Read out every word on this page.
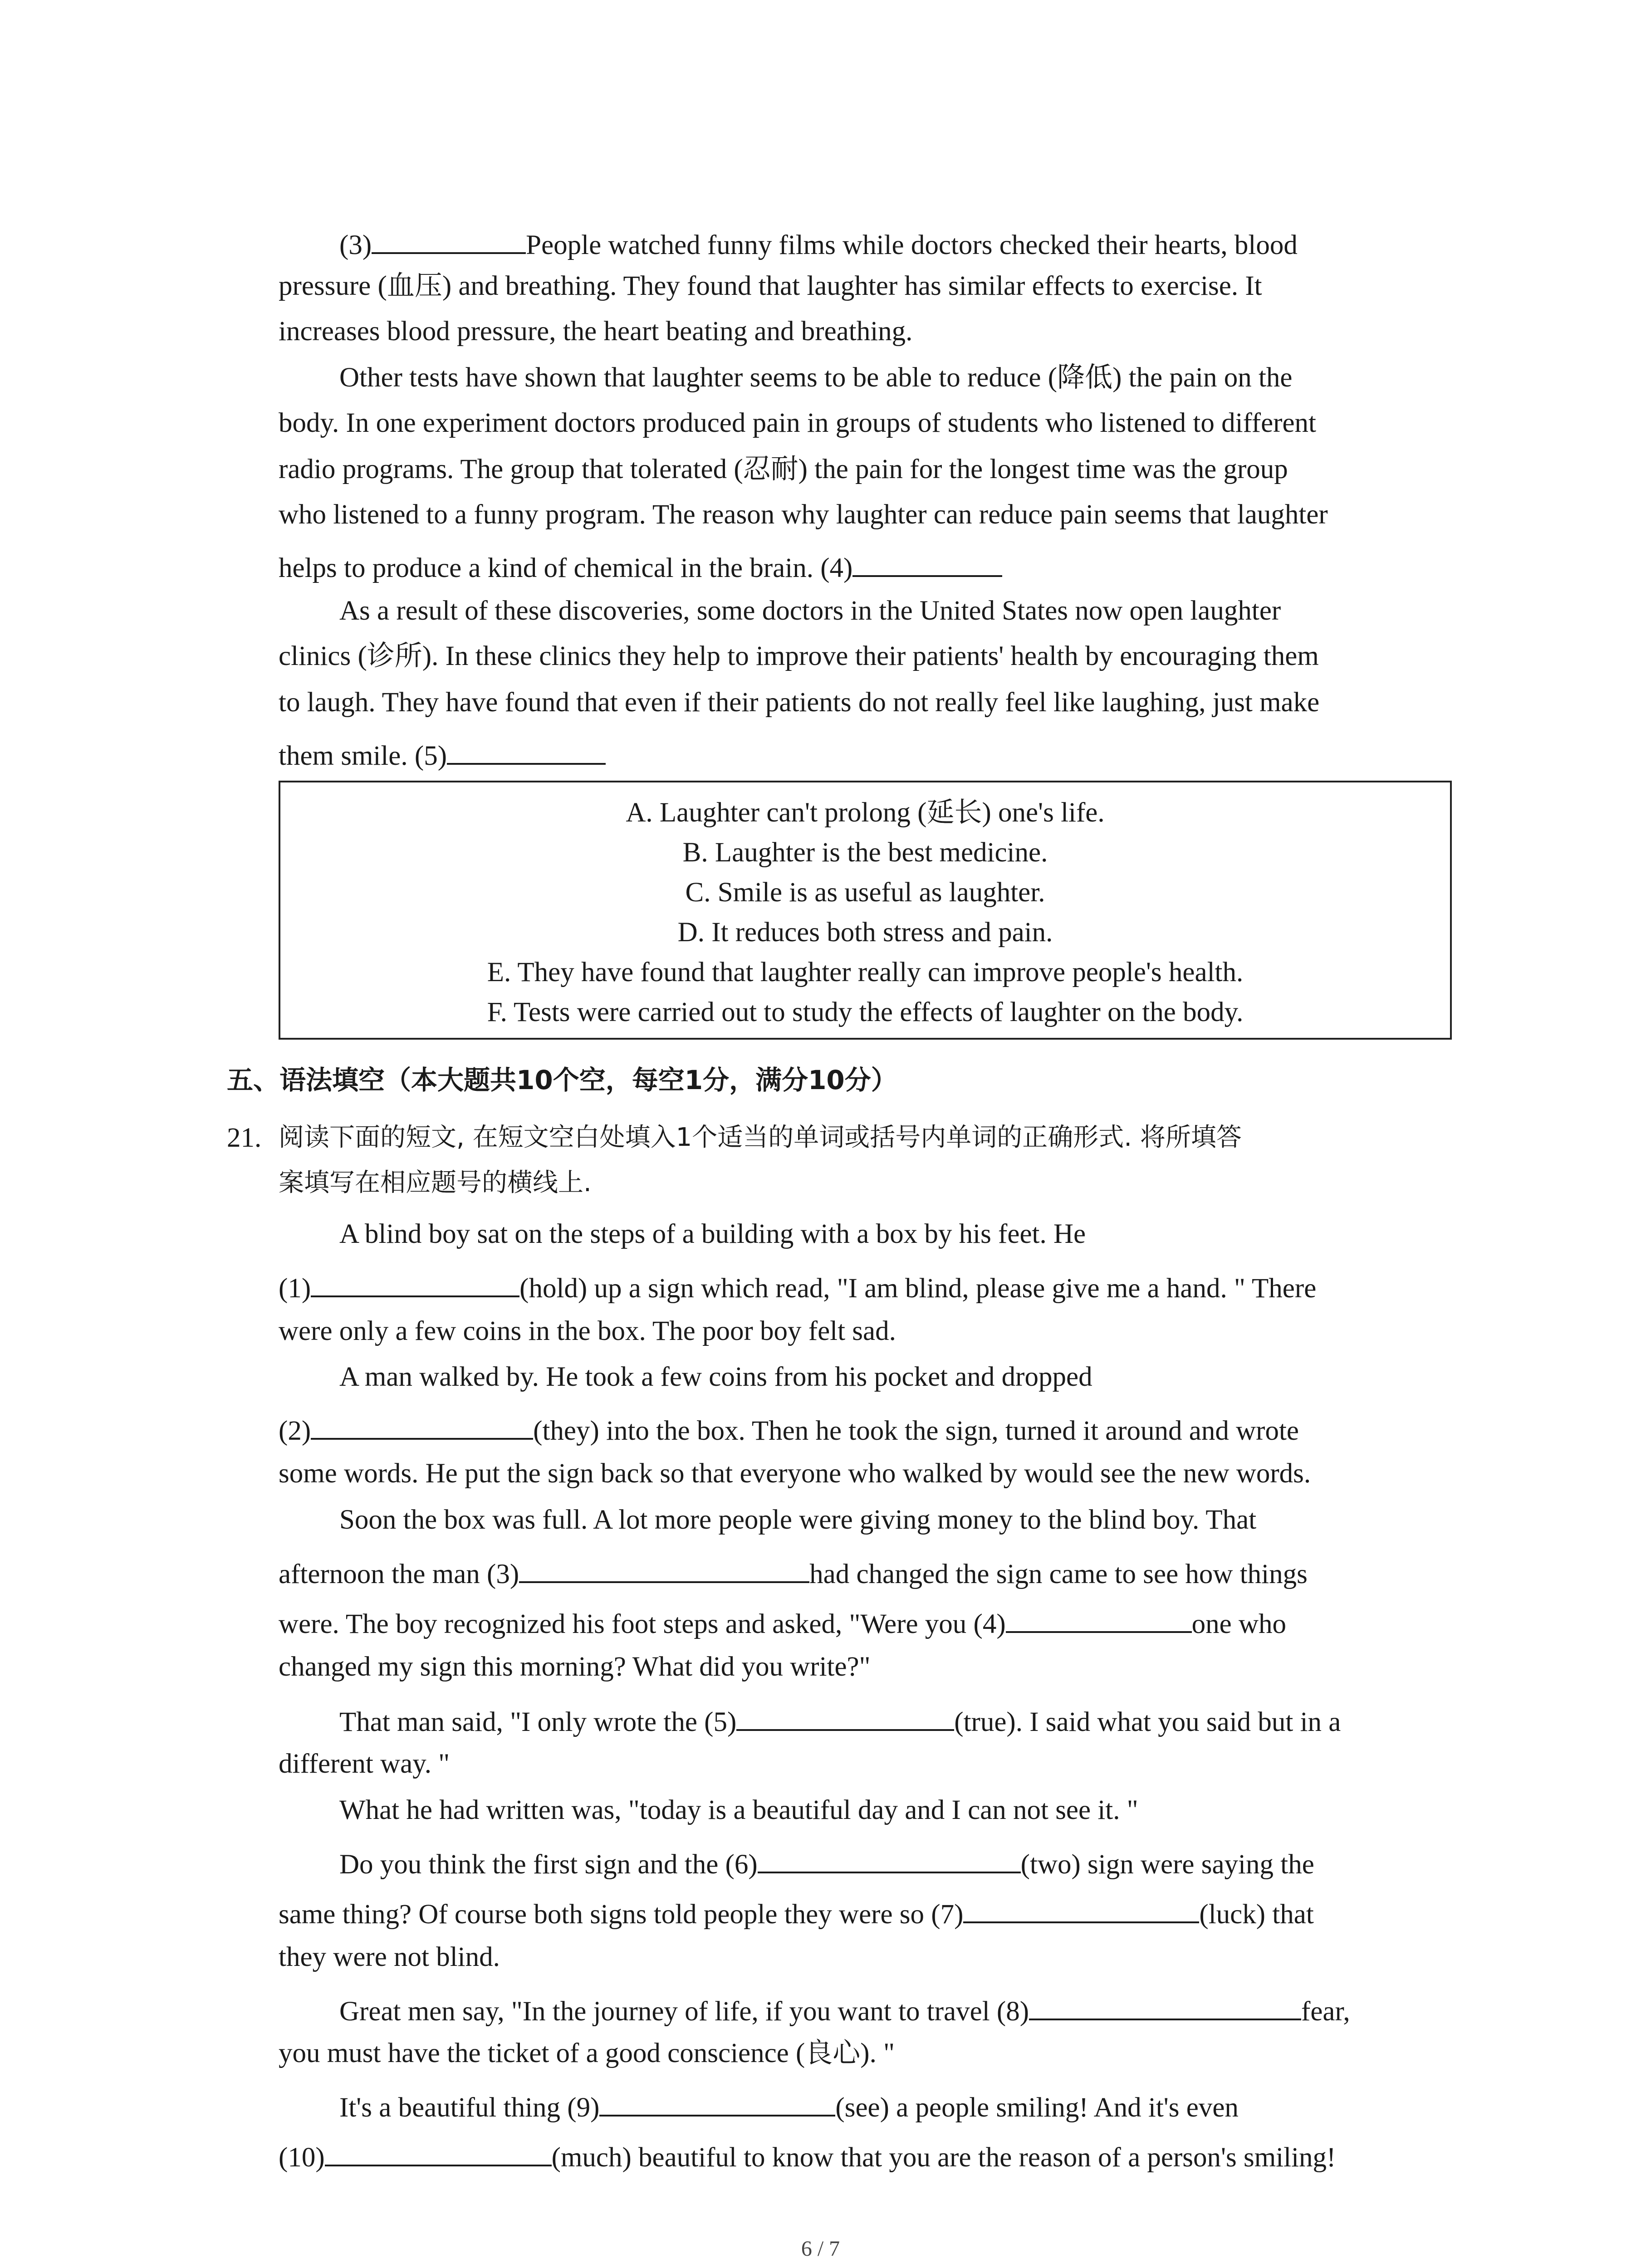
(3)	People watched funny films while doctors checked their hearts, blood
pressure (血压) and breathing. They found that laughter has similar effects to exercise. It
increases blood pressure, the heart beating and breathing.
Other tests have shown that laughter seems to be able to reduce (降低) the pain on the
body. In one experiment doctors produced pain in groups of students who listened to different
radio programs. The group that tolerated (忍耐) the pain for the longest time was the group
who listened to a funny program. The reason why laughter can reduce pain seems that laughter
helps to produce a kind of chemical in the brain. (4)
As a result of these discoveries, some doctors in the United States now open laughter
clinics (诊所). In these clinics they help to improve their patients' health by encouraging them
to laugh. They have found that even if their patients do not really feel like laughing, just make
them smile. (5)
A. Laughter can't prolong (延长) one's life.
B. Laughter is the best medicine.
C. Smile is as useful as laughter.
D. It reduces both stress and pain.
E. They have found that laughter really can improve people's health.
F. Tests were carried out to study the effects of laughter on the body.
五、语法填空（本大题共10个空，每空1分，满分10分）
21. 阅读下面的短文, 在短文空白处填入1个适当的单词或括号内单词的正确形式. 将所填答
案填写在相应题号的横线上.
A blind boy sat on the steps of a building with a box by his feet. He
(1)	(hold) up a sign which read, "I am blind, please give me a hand. " There
were only a few coins in the box. The poor boy felt sad.
A man walked by. He took a few coins from his pocket and dropped
(2)	(they) into the box. Then he took the sign, turned it around and wrote
some words. He put the sign back so that everyone who walked by would see the new words.
Soon the box was full. A lot more people were giving money to the blind boy. That
afternoon the man (3)	had changed the sign came to see how things
were. The boy recognized his foot steps and asked, "Were you (4)	one who
changed my sign this morning? What did you write?"
That man said, "I only wrote the (5)	(true). I said what you said but in a
different way. "
What he had written was, "today is a beautiful day and I can not see it. "
Do you think the first sign and the (6)	(two) sign were saying the
same thing? Of course both signs told people they were so (7)	(luck) that
they were not blind.
Great men say, "In the journey of life, if you want to travel (8)	fear,
you must have the ticket of a good conscience (良心). "
It's a beautiful thing (9)	(see) a people smiling! And it's even
(10)	(much) beautiful to know that you are the reason of a person's smiling!
6 / 7
